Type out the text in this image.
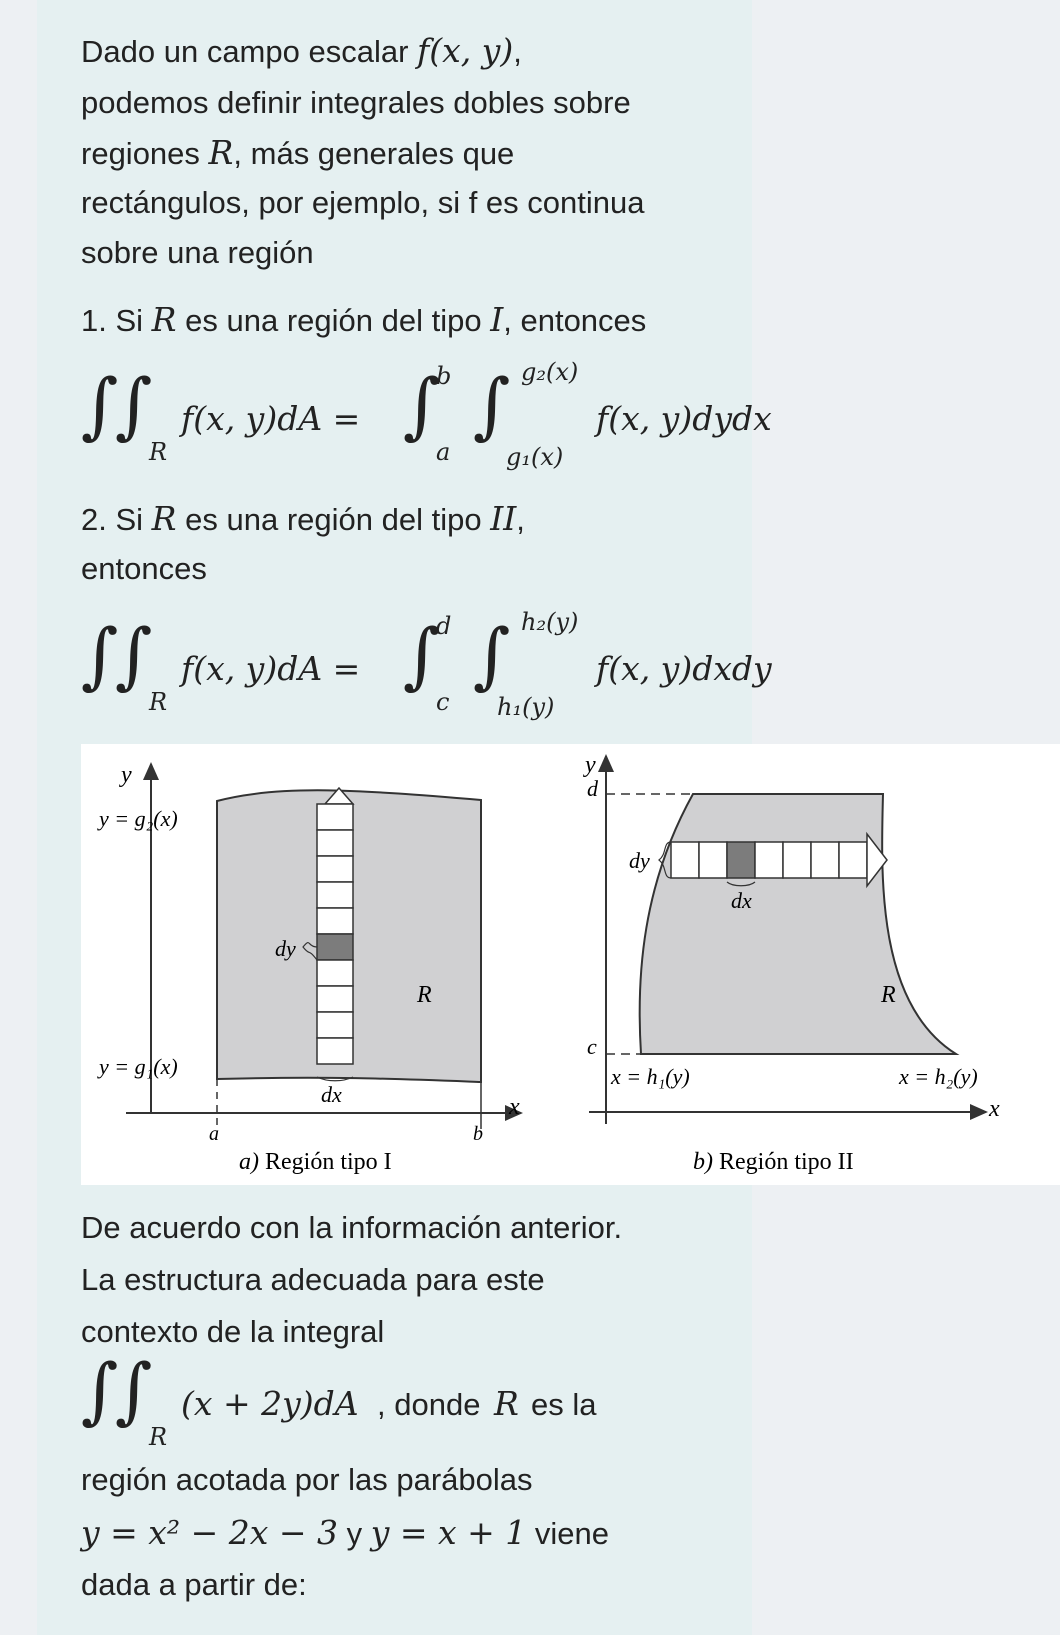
Dado un campo escalar f(x, y),
podemos definir integrales dobles sobre
regiones R, más generales que
rectángulos, por ejemplo, si f es continua
sobre una región
1. Si R es una región del tipo I, entonces
∫
∫
R
f(x, y)dA = ∫
a
b ∫
g₁(x)
g₂(x)
f(x, y)dydx
2. Si R es una región del tipo II,
entonces
∫
∫
R
f(x, y)dA = ∫
c
d ∫
h₁(y)
h₂(y)
f(x, y)dxdy
y
x
y = g₂(x)
y = g₁(x)
dy
dx
R
a	b
a) Región tipo I
y
x
d
c
dy
dx
R
x = h₁(y)	x = h₂(y)
b) Región tipo II
De acuerdo con la información anterior.
La estructura adecuada para este
contexto de la integral
∫
∫
R
(x + 2y)dA , donde R es la
región acotada por las parábolas
y = x² − 2x − 3 y y = x + 1 viene
dada a partir de:
